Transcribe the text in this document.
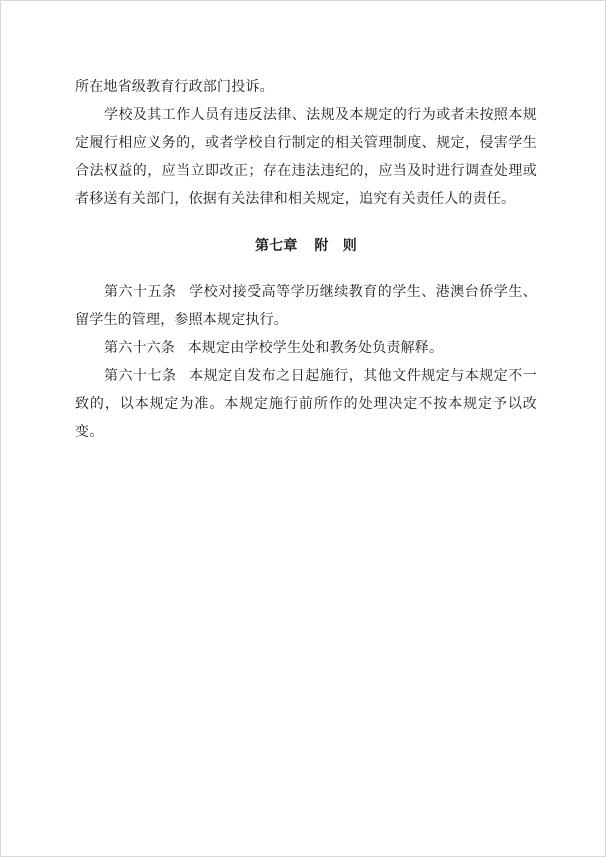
所在地省级教育行政部门投诉。

学校及其工作人员有违反法律、法规及本规定的行为或者未按照本规定履行相应义务的，或者学校自行制定的相关管理制度、规定，侵害学生合法权益的，应当立即改正；存在违法违纪的，应当及时进行调查处理或者移送有关部门，依据有关法律和相关规定，追究有关责任人的责任。

第七章 附　则

第六十五条 学校对接受高等学历继续教育的学生、港澳台侨学生、留学生的管理，参照本规定执行。

第六十六条 本规定由学校学生处和教务处负责解释。

第六十七条 本规定自发布之日起施行，其他文件规定与本规定不一致的，以本规定为准。本规定施行前所作的处理决定不按本规定予以改变。
